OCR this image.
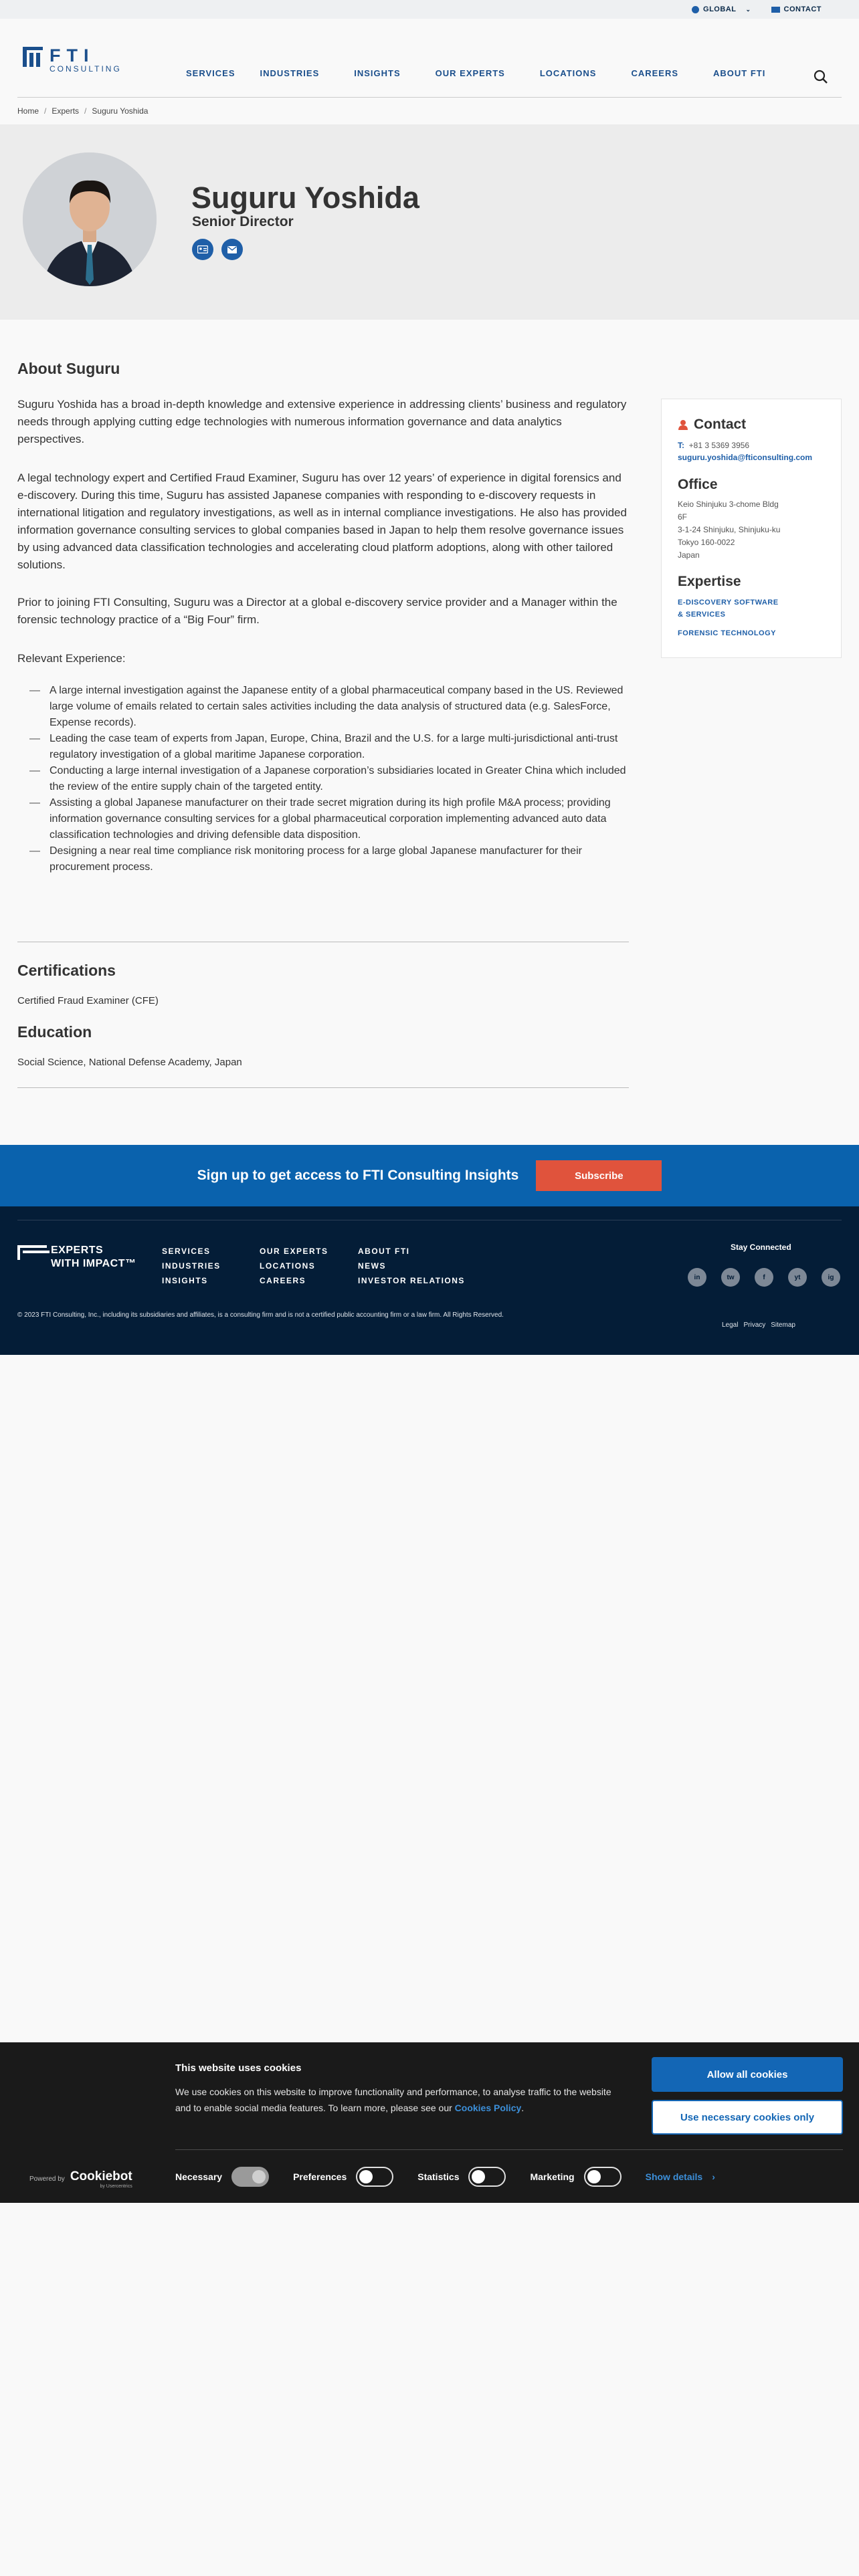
GLOBAL ⌄	CONTACT
FTI
CONSULTING	SERVICES	INDUSTRIES	INSIGHTS	OUR EXPERTS	LOCATIONS	CAREERS	ABOUT FTI
Home / Experts / Suguru Yoshida
Suguru Yoshida
Senior Director
About Suguru

Suguru Yoshida has a broad in-depth knowledge and extensive experience in addressing clients’ business and regulatory needs through applying cutting edge technologies with numerous information governance and data analytics perspectives.

A legal technology expert and Certified Fraud Examiner, Suguru has over 12 years’ of experience in digital forensics and e-discovery. During this time, Suguru has assisted Japanese companies with responding to e-discovery requests in international litigation and regulatory investigations, as well as in internal compliance investigations. He also has provided information governance consulting services to global companies based in Japan to help them resolve governance issues by using advanced data classification technologies and accelerating cloud platform adoptions, along with other tailored solutions.

Prior to joining FTI Consulting, Suguru was a Director at a global e-discovery service provider and a Manager within the forensic technology practice of a “Big Four” firm.

Relevant Experience:

— A large internal investigation against the Japanese entity of a global pharmaceutical company based in the US. Reviewed large volume of emails related to certain sales activities including the data analysis of structured data (e.g. SalesForce, Expense records).
— Leading the case team of experts from Japan, Europe, China, Brazil and the U.S. for a large multi-jurisdictional anti-trust regulatory investigation of a global maritime Japanese corporation.
— Conducting a large internal investigation of a Japanese corporation’s subsidiaries located in Greater China which included the review of the entire supply chain of the targeted entity.
— Assisting a global Japanese manufacturer on their trade secret migration during its high profile M&A process; providing information governance consulting services for a global pharmaceutical corporation implementing advanced auto data classification technologies and driving defensible data disposition.
— Designing a near real time compliance risk monitoring process for a large global Japanese manufacturer for their procurement process.
Certifications

Certified Fraud Examiner (CFE)

Education

Social Science, National Defense Academy, Japan

Contact
T: +81 3 5369 3956
suguru.yoshida@fticonsulting.com
Office
Keio Shinjuku 3-chome Bldg
6F
3-1-24 Shinjuku, Shinjuku-ku
Tokyo 160-0022
Japan
Expertise
E-DISCOVERY SOFTWARE & SERVICES
FORENSIC TECHNOLOGY
Sign up to get access to FTI Consulting Insights	Subscribe
EXPERTS
WITH IMPACT™
SERVICES
INDUSTRIES
INSIGHTS
OUR EXPERTS
LOCATIONS
CAREERS
ABOUT FTI
NEWS
INVESTOR RELATIONS
Stay Connected
in	tw	f	yt	ig
© 2023 FTI Consulting, Inc., including its subsidiaries and affiliates, is a consulting firm and is not a certified public accounting firm or a law firm. All Rights Reserved.
Legal Privacy Sitemap
This website uses cookies
We use cookies on this website to improve functionality and performance, to analyse traffic to the website and to enable social media features. To learn more, please see our Cookies Policy.
Allow all cookies
Use necessary cookies only
Powered by Cookiebot
by Usercentrics
Necessary	Preferences	Statistics	Marketing	Show details ›
